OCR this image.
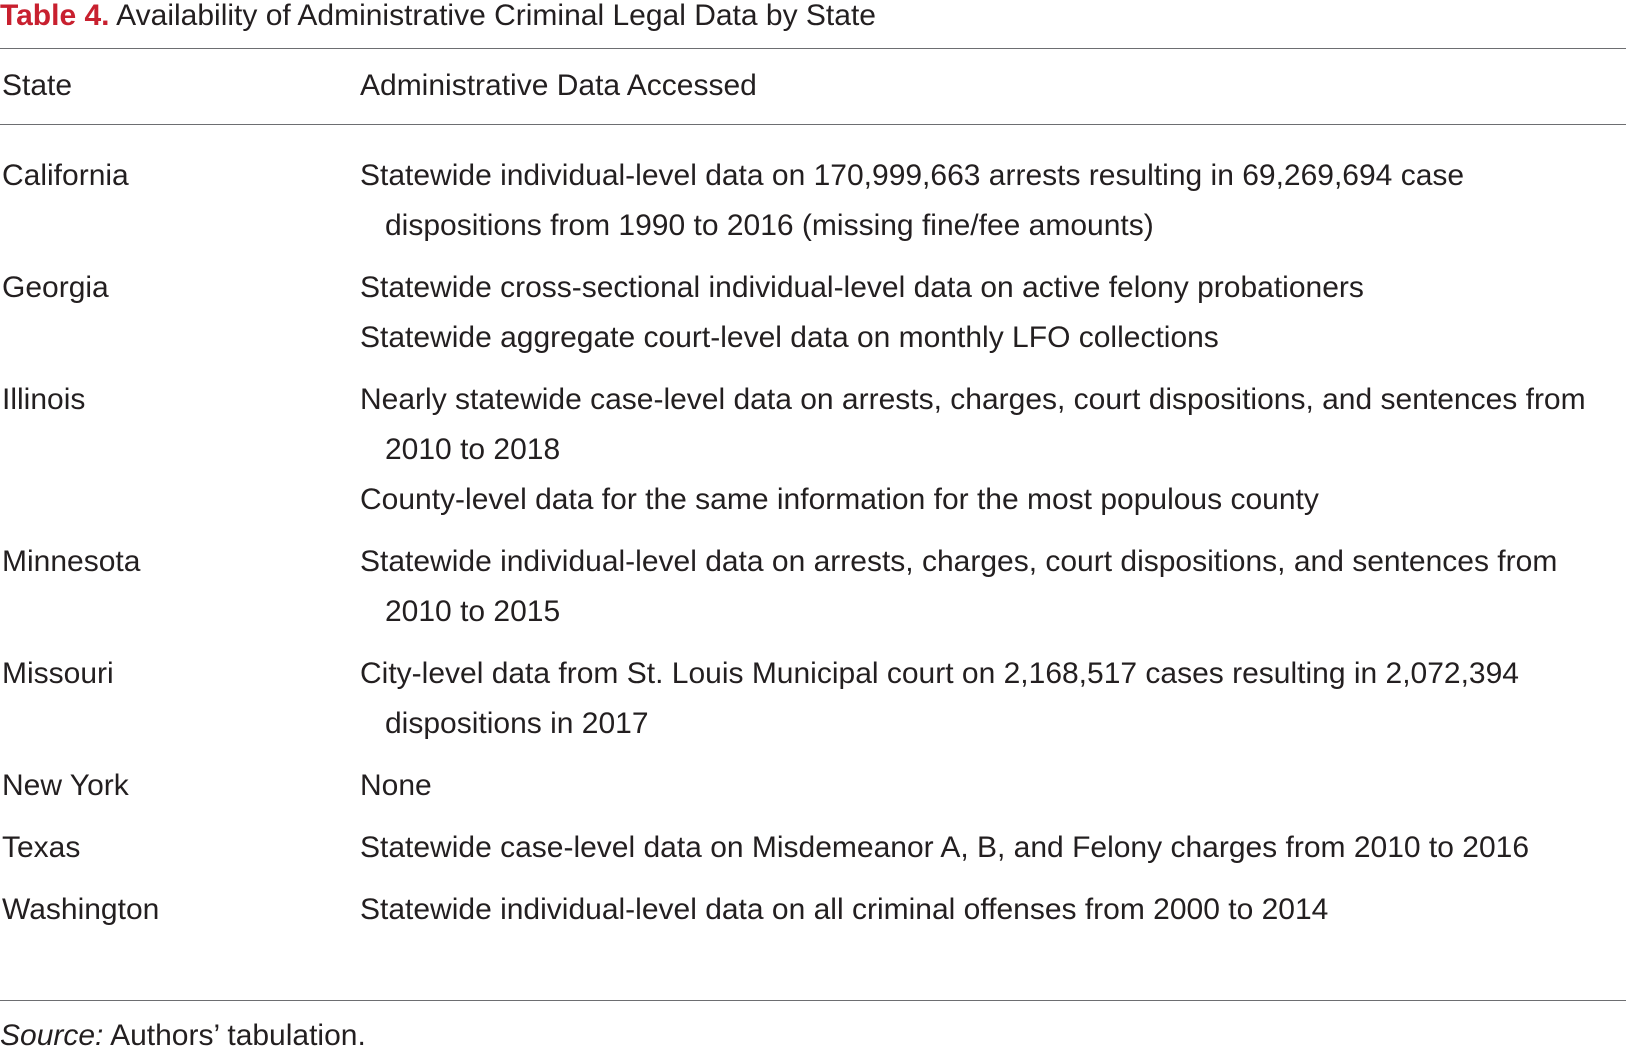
Table 4. Availability of Administrative Criminal Legal Data by State
State	Administrative Data Accessed
California	Statewide individual-level data on 170,999,663 arrests resulting in 69,269,694 case dispositions from 1990 to 2016 (missing fine/fee amounts)
Georgia	Statewide cross-sectional individual-level data on active felony probationers
Statewide aggregate court-level data on monthly LFO collections
Illinois	Nearly statewide case-level data on arrests, charges, court dispositions, and sentences from 2010 to 2018
County-level data for the same information for the most populous county
Minnesota	Statewide individual-level data on arrests, charges, court dispositions, and sentences from 2010 to 2015
Missouri	City-level data from St. Louis Municipal court on 2,168,517 cases resulting in 2,072,394 dispositions in 2017
New York	None
Texas	Statewide case-level data on Misdemeanor A, B, and Felony charges from 2010 to 2016
Washington	Statewide individual-level data on all criminal offenses from 2000 to 2014
Source: Authors’ tabulation.
